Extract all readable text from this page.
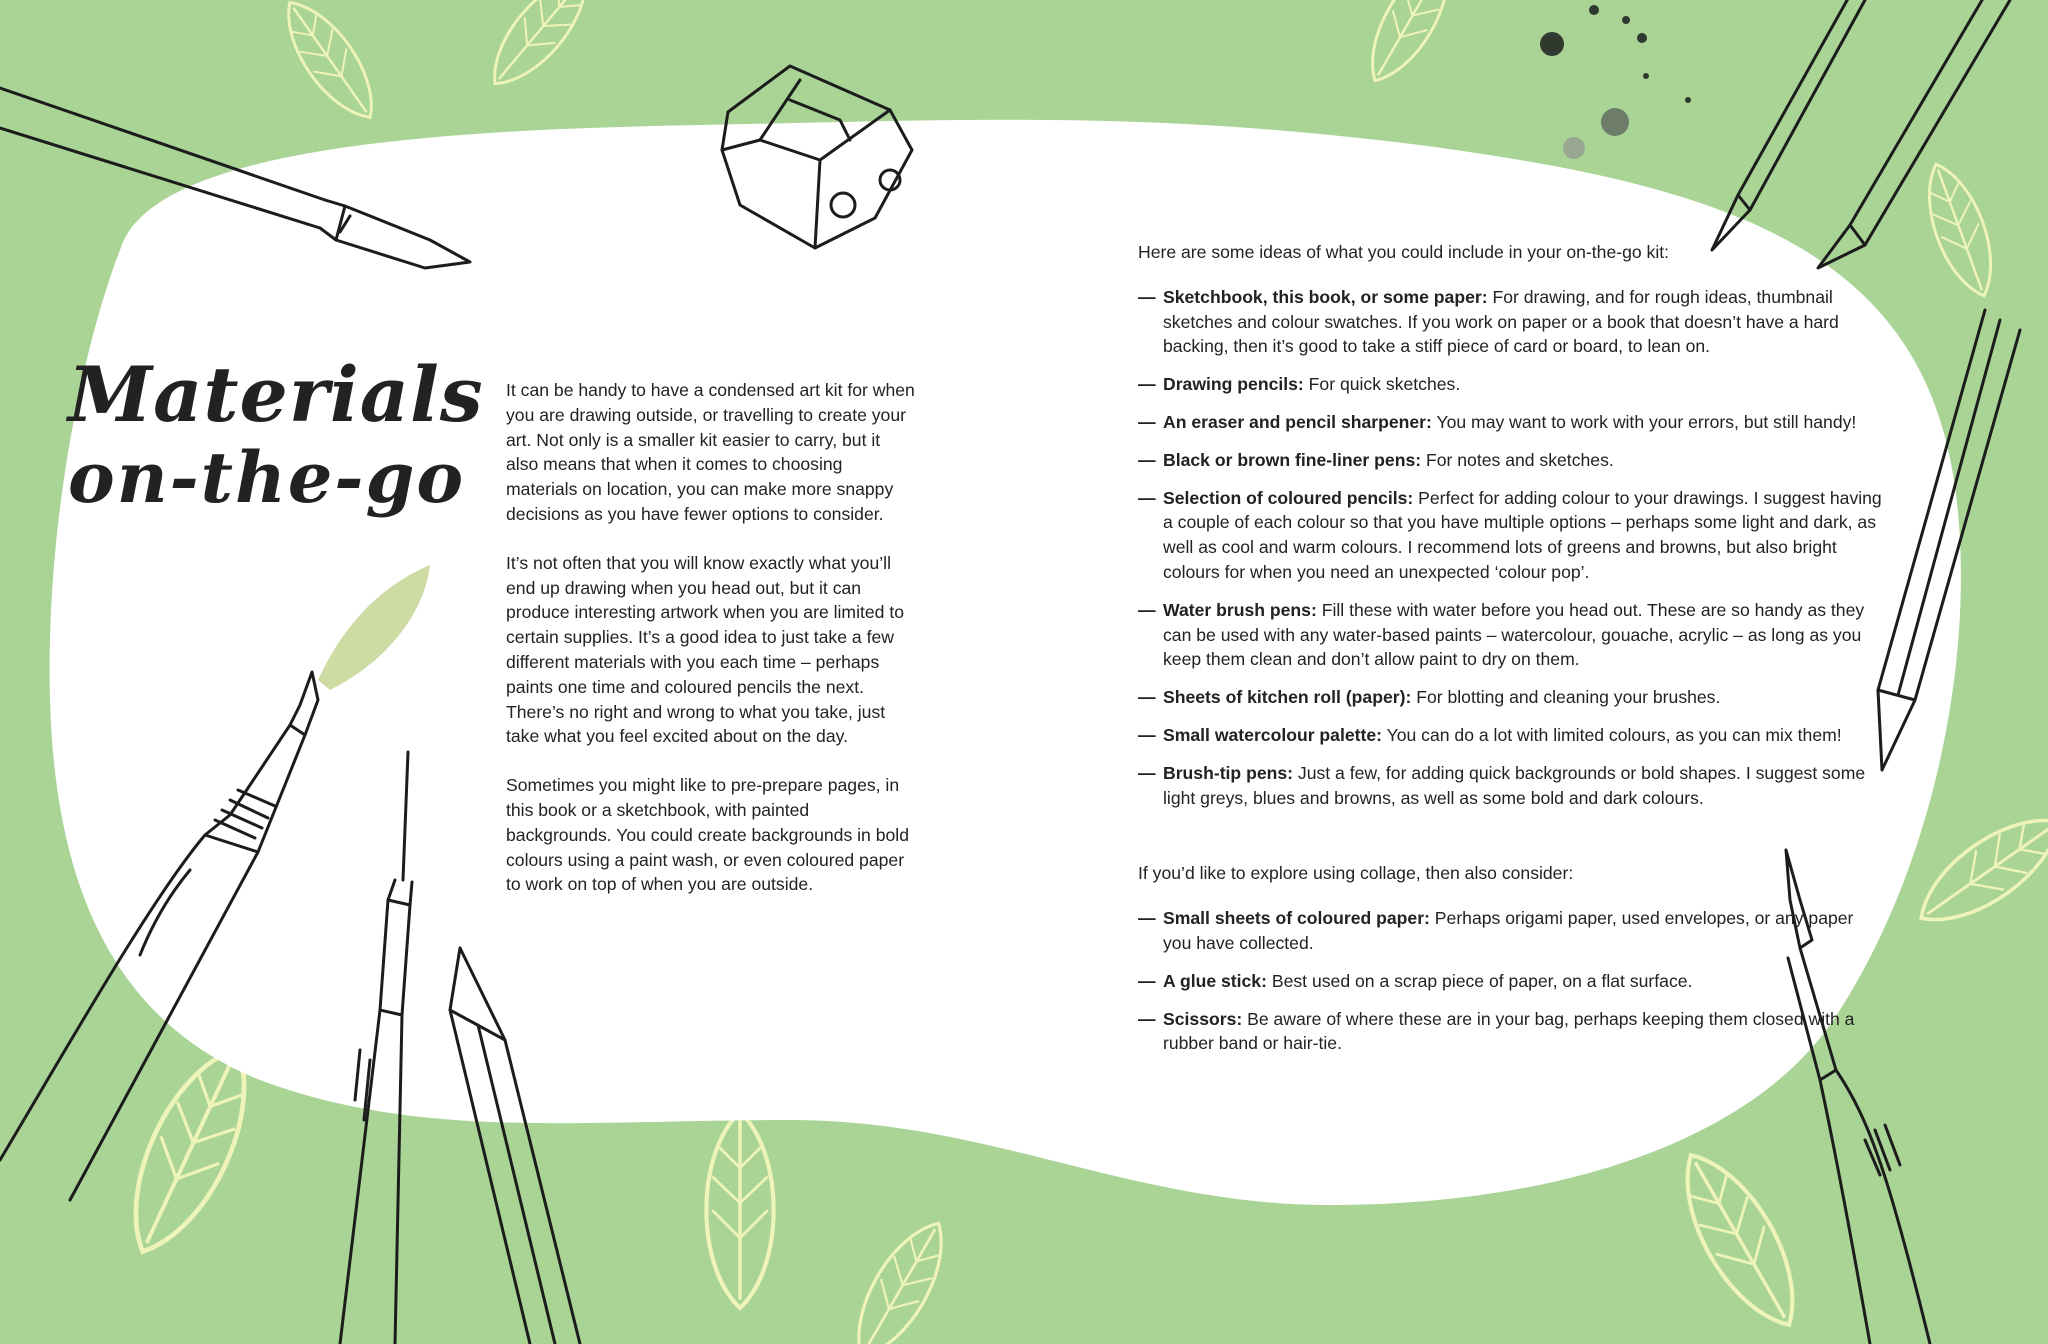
Materials
on-the-go

It can be handy to have a condensed art kit for when you are drawing outside, or travelling to create your art. Not only is a smaller kit easier to carry, but it also means that when it comes to choosing materials on location, you can make more snappy decisions as you have fewer options to consider.

It’s not often that you will know exactly what you’ll end up drawing when you head out, but it can produce interesting artwork when you are limited to certain supplies. It’s a good idea to just take a few different materials with you each time – perhaps paints one time and coloured pencils the next. There’s no right and wrong to what you take, just take what you feel excited about on the day.

Sometimes you might like to pre-prepare pages, in this book or a sketchbook, with painted backgrounds. You could create backgrounds in bold colours using a paint wash, or even coloured paper to work on top of when you are outside.

Here are some ideas of what you could include in your on-the-go kit:

— Sketchbook, this book, or some paper: For drawing, and for rough ideas, thumbnail sketches and colour swatches. If you work on paper or a book that doesn’t have a hard backing, then it’s good to take a stiff piece of card or board, to lean on.
— Drawing pencils: For quick sketches.
— An eraser and pencil sharpener: You may want to work with your errors, but still handy!
— Black or brown fine-liner pens: For notes and sketches.
— Selection of coloured pencils: Perfect for adding colour to your drawings. I suggest having a couple of each colour so that you have multiple options – perhaps some light and dark, as well as cool and warm colours. I recommend lots of greens and browns, but also bright colours for when you need an unexpected ‘colour pop’.
— Water brush pens: Fill these with water before you head out. These are so handy as they can be used with any water-based paints – watercolour, gouache, acrylic – as long as you keep them clean and don’t allow paint to dry on them.
— Sheets of kitchen roll (paper): For blotting and cleaning your brushes.
— Small watercolour palette: You can do a lot with limited colours, as you can mix them!
— Brush-tip pens: Just a few, for adding quick backgrounds or bold shapes. I suggest some light greys, blues and browns, as well as some bold and dark colours.

If you’d like to explore using collage, then also consider:

— Small sheets of coloured paper: Perhaps origami paper, used envelopes, or any paper you have collected.
— A glue stick: Best used on a scrap piece of paper, on a flat surface.
— Scissors: Be aware of where these are in your bag, perhaps keeping them closed with a rubber band or hair-tie.
